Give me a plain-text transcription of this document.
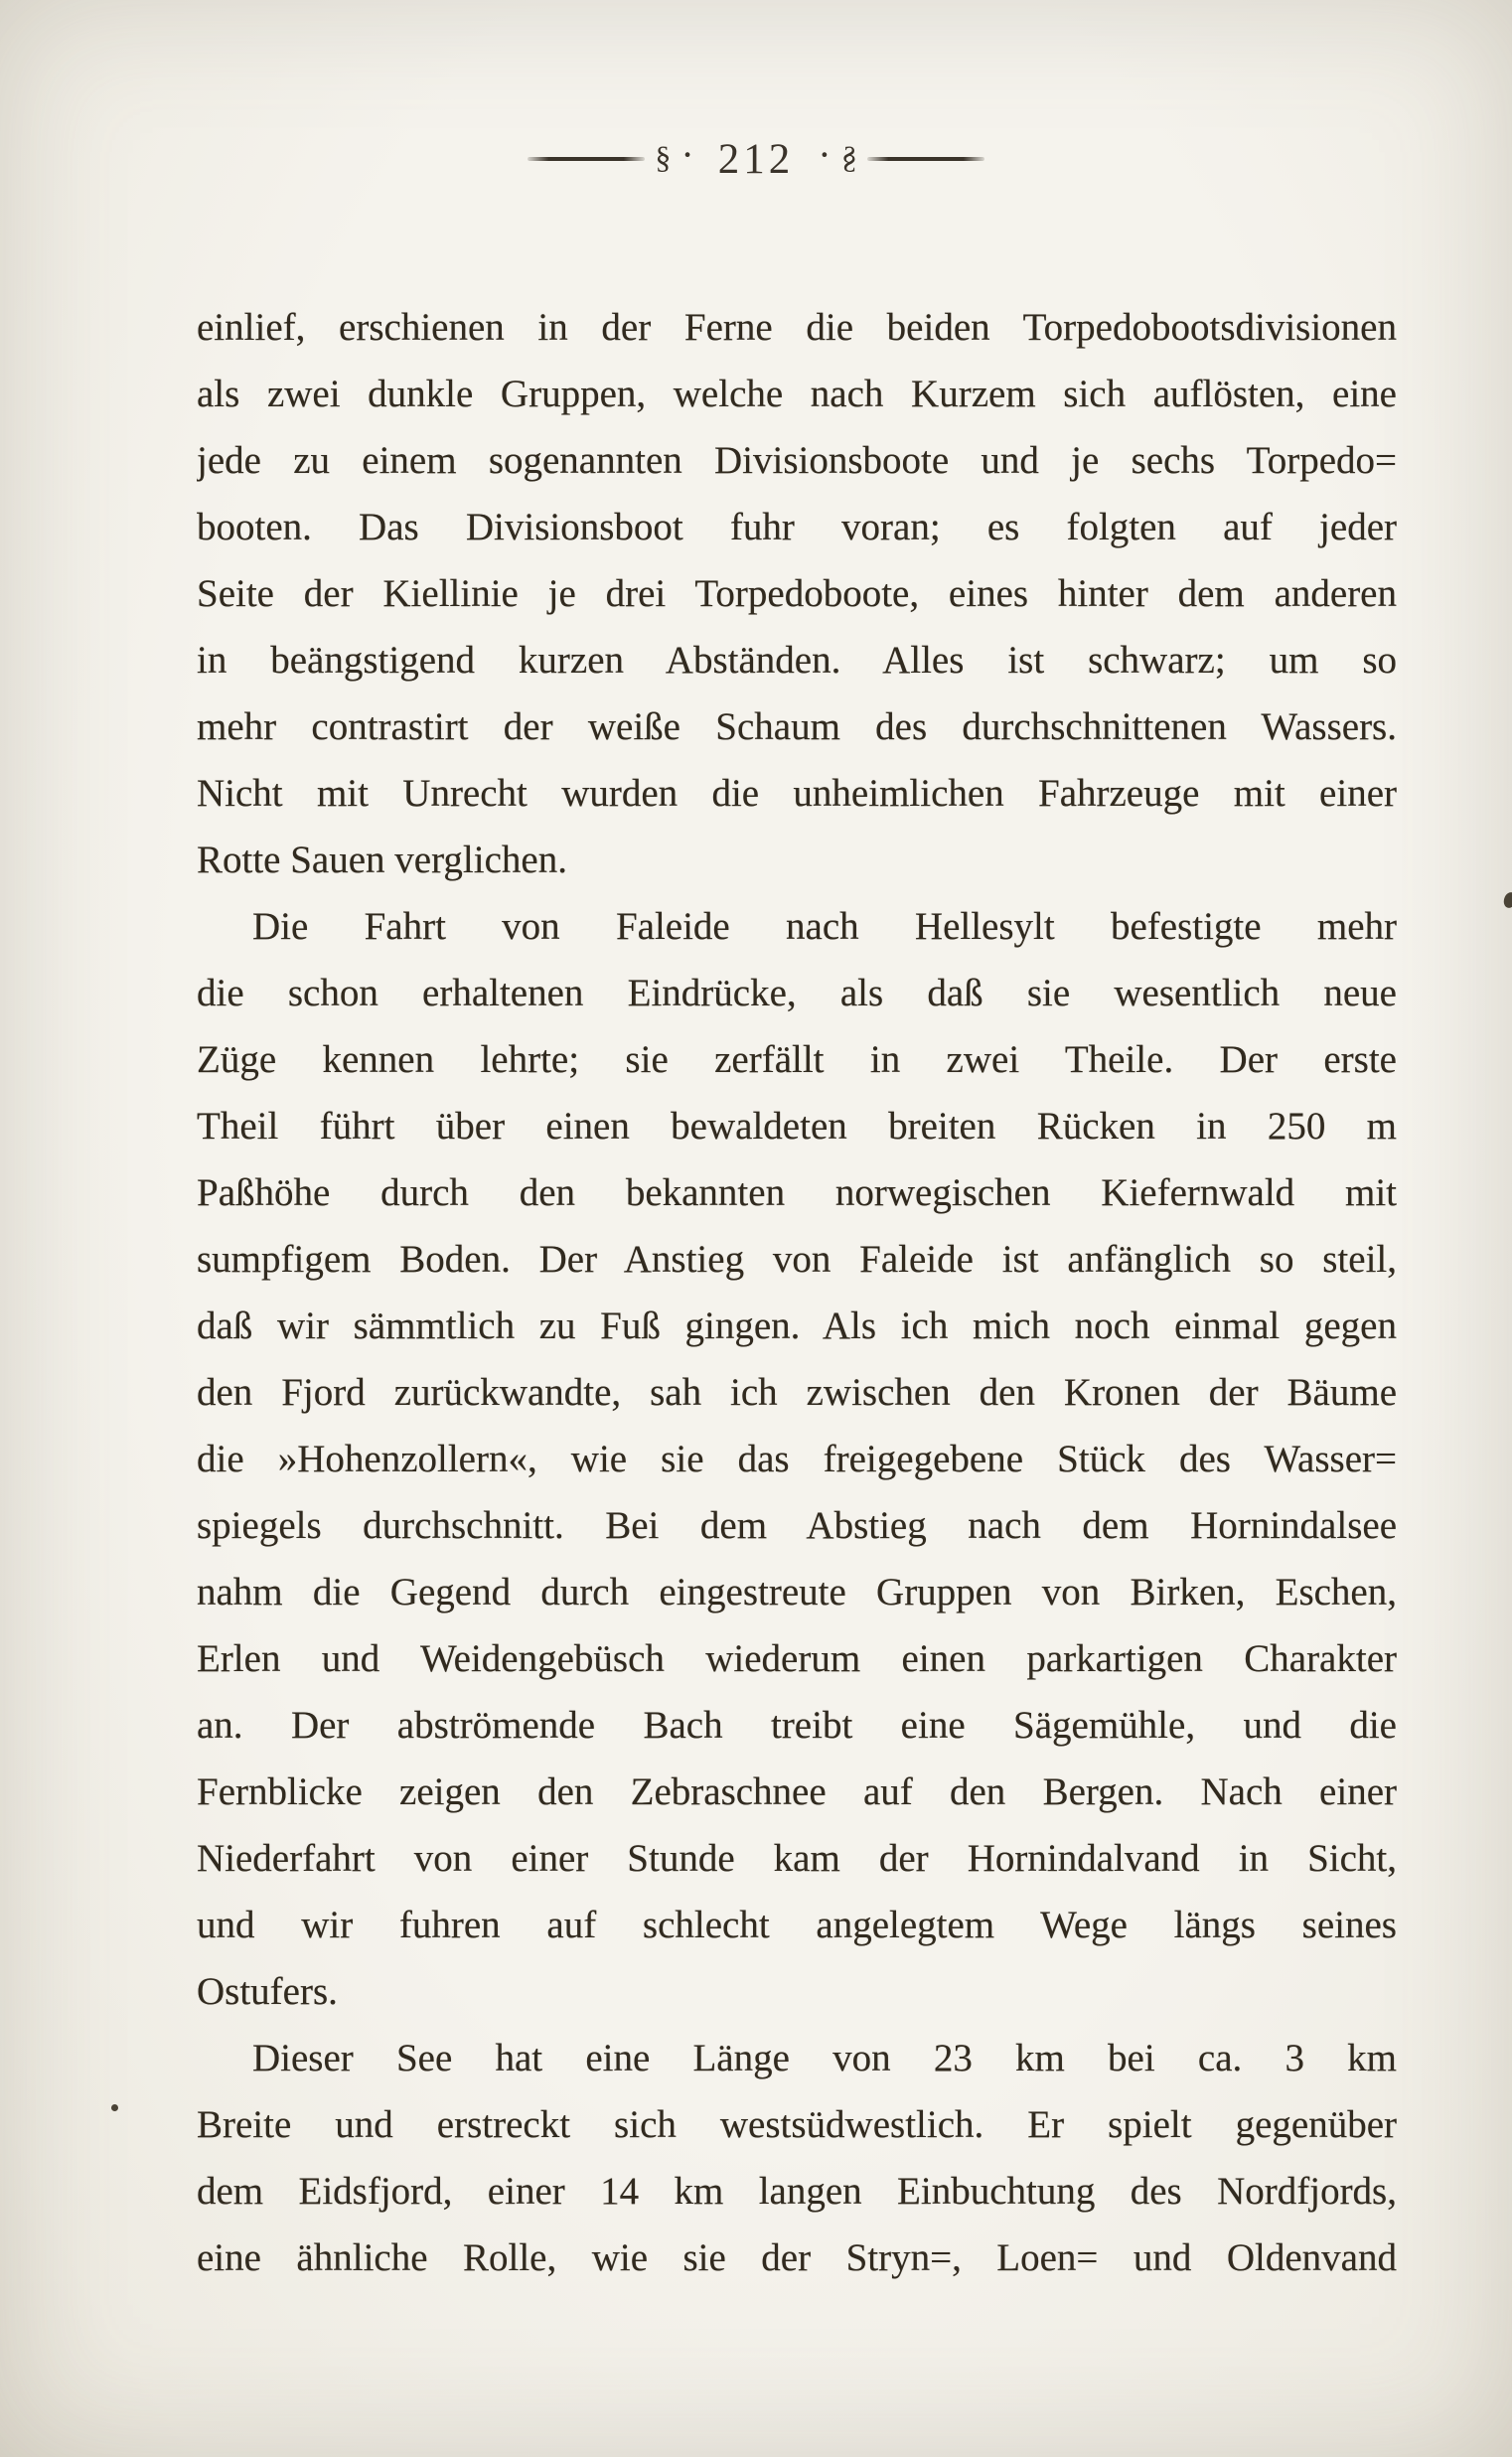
§ · 212 · §
einlief, erschienen in der Ferne die beiden Torpedobootsdivisionen
als zwei dunkle Gruppen, welche nach Kurzem sich auflösten, eine
jede zu einem sogenannten Divisionsboote und je sechs Torpedo=
booten. Das Divisionsboot fuhr voran; es folgten auf jeder
Seite der Kiellinie je drei Torpedoboote, eines hinter dem anderen
in beängstigend kurzen Abständen. Alles ist schwarz; um so
mehr contrastirt der weiße Schaum des durchschnittenen Wassers.
Nicht mit Unrecht wurden die unheimlichen Fahrzeuge mit einer
Rotte Sauen verglichen.
Die Fahrt von Faleide nach Hellesylt befestigte mehr
die schon erhaltenen Eindrücke, als daß sie wesentlich neue
Züge kennen lehrte; sie zerfällt in zwei Theile. Der erste
Theil führt über einen bewaldeten breiten Rücken in 250 m
Paßhöhe durch den bekannten norwegischen Kiefernwald mit
sumpfigem Boden. Der Anstieg von Faleide ist anfänglich so steil,
daß wir sämmtlich zu Fuß gingen. Als ich mich noch einmal gegen
den Fjord zurückwandte, sah ich zwischen den Kronen der Bäume
die »Hohenzollern«, wie sie das freigegebene Stück des Wasser=
spiegels durchschnitt. Bei dem Abstieg nach dem Hornindalsee
nahm die Gegend durch eingestreute Gruppen von Birken, Eschen,
Erlen und Weidengebüsch wiederum einen parkartigen Charakter
an. Der abströmende Bach treibt eine Sägemühle, und die
Fernblicke zeigen den Zebraschnee auf den Bergen. Nach einer
Niederfahrt von einer Stunde kam der Hornindalvand in Sicht,
und wir fuhren auf schlecht angelegtem Wege längs seines
Ostufers.
Dieser See hat eine Länge von 23 km bei ca. 3 km
Breite und erstreckt sich westsüdwestlich. Er spielt gegenüber
dem Eidsfjord, einer 14 km langen Einbuchtung des Nordfjords,
eine ähnliche Rolle, wie sie der Stryn=, Loen= und Oldenvand
